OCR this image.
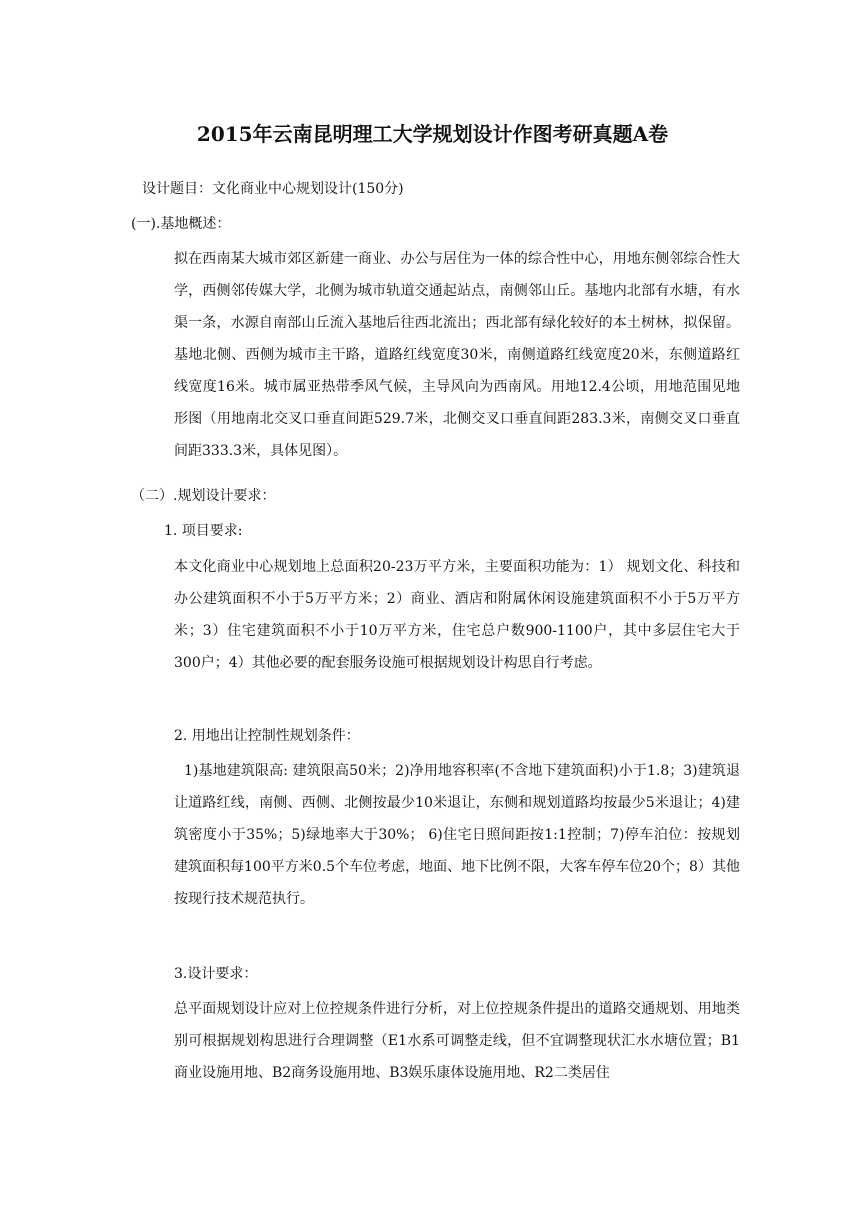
2015年云南昆明理工大学规划设计作图考研真题A卷

设计题目：文化商业中心规划设计(150分)

(一).基地概述：

拟在西南某大城市郊区新建一商业、办公与居住为一体的综合性中心，用地东侧邻综合性大学，西侧邻传媒大学，北侧为城市轨道交通起站点，南侧邻山丘。基地内北部有水塘，有水渠一条，水源自南部山丘流入基地后往西北流出；西北部有绿化较好的本土树林，拟保留。基地北侧、西侧为城市主干路，道路红线宽度30米，南侧道路红线宽度20米，东侧道路红线宽度16米。城市属亚热带季风气候，主导风向为西南风。用地12.4公顷，用地范围见地形图（用地南北交叉口垂直间距529.7米，北侧交叉口垂直间距283.3米，南侧交叉口垂直间距333.3米，具体见图）。

（二）.规划设计要求：

1. 项目要求:

本文化商业中心规划地上总面积20-23万平方米，主要面积功能为：1） 规划文化、科技和办公建筑面积不小于5万平方米；2）商业、酒店和附属休闲设施建筑面积不小于5万平方米；3）住宅建筑面积不小于10万平方米，住宅总户数900-1100户，其中多层住宅大于300户；4）其他必要的配套服务设施可根据规划设计构思自行考虑。

2. 用地出让控制性规划条件：

1)基地建筑限高: 建筑限高50米；2)净用地容积率(不含地下建筑面积)小于1.8；3)建筑退让道路红线，南侧、西侧、北侧按最少10米退让，东侧和规划道路均按最少5米退让；4)建筑密度小于35%；5)绿地率大于30%； 6)住宅日照间距按1:1控制；7)停车泊位：按规划建筑面积每100平方米0.5个车位考虑，地面、地下比例不限，大客车停车位20个；8）其他按现行技术规范执行。

3.设计要求：

总平面规划设计应对上位控规条件进行分析，对上位控规条件提出的道路交通规划、用地类别可根据规划构思进行合理调整（E1水系可调整走线，但不宜调整现状汇水水塘位置；B1商业设施用地、B2商务设施用地、B3娱乐康体设施用地、R2二类居住
